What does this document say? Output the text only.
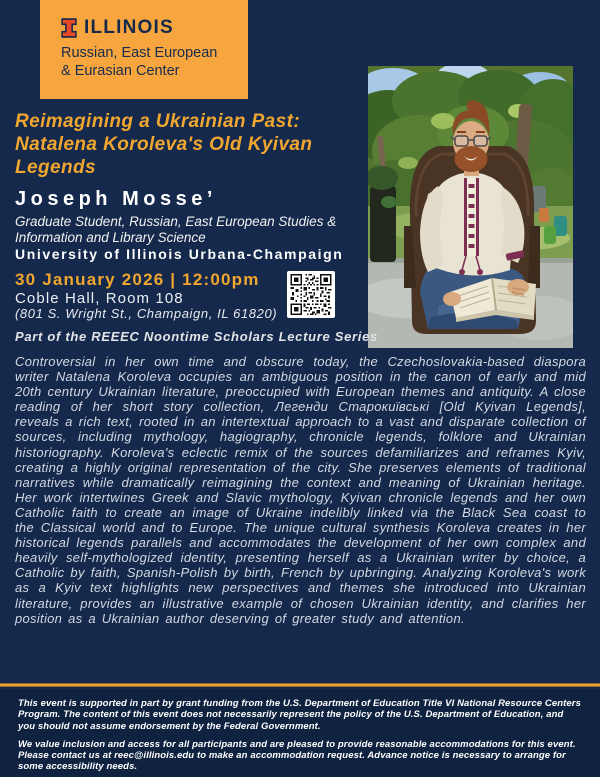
ILLINOIS
Russian, East European
& Eurasian Center
Reimagining a Ukrainian Past:
Natalena Koroleva's Old Kyivan
Legends
Joseph Mosse’
Graduate Student, Russian, East European Studies &
Information and Library Science
University of Illinois Urbana-Champaign
30 January 2026 | 12:00pm
Coble Hall, Room 108
(801 S. Wright St., Champaign, IL 61820)
Part of the REEEC Noontime Scholars Lecture Series
Controversial in her own time and obscure today, the Czechoslovakia-based diaspora writer Natalena Koroleva occupies an ambiguous position in the canon of early and mid 20th century Ukrainian literature, preoccupied with European themes and antiquity. A close reading of her short story collection, Легенди Старокиївські [Old Kyivan Legends], reveals a rich text, rooted in an intertextual approach to a vast and disparate collection of sources, including mythology, hagiography, chronicle legends, folklore and Ukrainian historiography. Koroleva's eclectic remix of the sources defamiliarizes and reframes Kyiv, creating a highly original representation of the city. She preserves elements of traditional narratives while dramatically reimagining the context and meaning of Ukrainian heritage. Her work intertwines Greek and Slavic mythology, Kyivan chronicle legends and her own Catholic faith to create an image of Ukraine indelibly linked via the Black Sea coast to the Classical world and to Europe. The unique cultural synthesis Koroleva creates in her historical legends parallels and accommodates the development of her own complex and heavily self-mythologized identity, presenting herself as a Ukrainian writer by choice, a Catholic by faith, Spanish-Polish by birth, French by upbringing. Analyzing Koroleva's work as a Kyiv text highlights new perspectives and themes she introduced into Ukrainian literature, provides an illustrative example of chosen Ukrainian identity, and clarifies her position as a Ukrainian author deserving of greater study and attention.

This event is supported in part by grant funding from the U.S. Department of Education Title VI National Resource Centers Program. The content of this event does not necessarily represent the policy of the U.S. Department of Education, and you should not assume endorsement by the Federal Government.

We value inclusion and access for all participants and are pleased to provide reasonable accommodations for this event. Please contact us at reec@illinois.edu to make an accommodation request. Advance notice is necessary to arrange for some accessibility needs.
